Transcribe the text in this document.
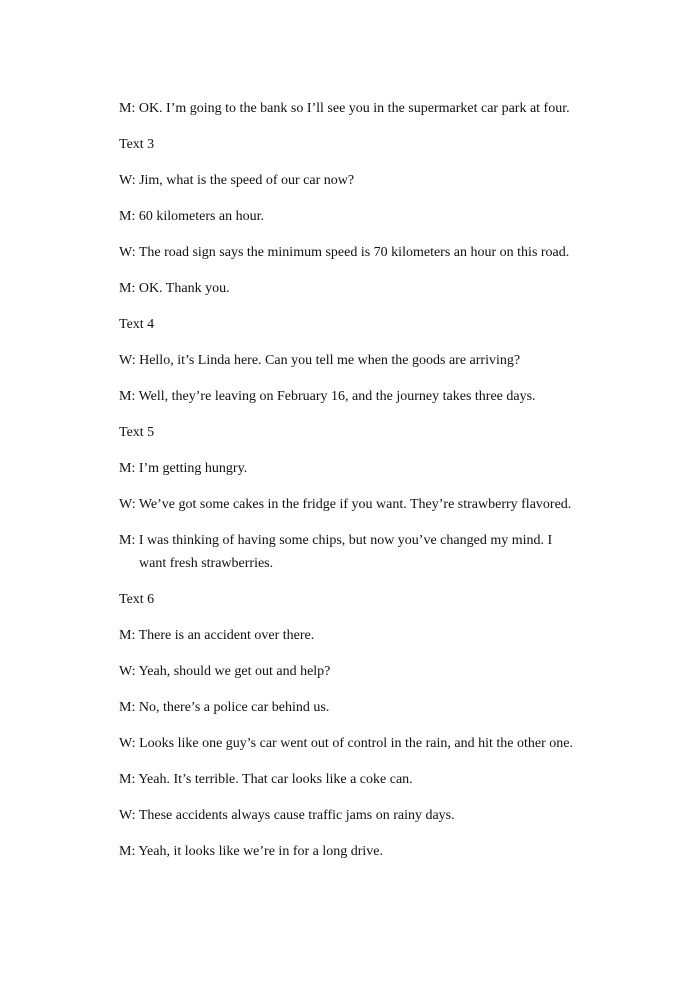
M: OK. I’m going to the bank so I’ll see you in the supermarket car park at four.
Text 3
W: Jim, what is the speed of our car now?
M: 60 kilometers an hour.
W: The road sign says the minimum speed is 70 kilometers an hour on this road.
M: OK. Thank you.
Text 4
W: Hello, it’s Linda here. Can you tell me when the goods are arriving?
M: Well, they’re leaving on February 16, and the journey takes three days.
Text 5
M: I’m getting hungry.
W: We’ve got some cakes in the fridge if you want. They’re strawberry flavored.
M: I was thinking of having some chips, but now you’ve changed my mind. I
want fresh strawberries.
Text 6
M: There is an accident over there.
W: Yeah, should we get out and help?
M: No, there’s a police car behind us.
W: Looks like one guy’s car went out of control in the rain, and hit the other one.
M: Yeah. It’s terrible. That car looks like a coke can.
W: These accidents always cause traffic jams on rainy days.
M: Yeah, it looks like we’re in for a long drive.
